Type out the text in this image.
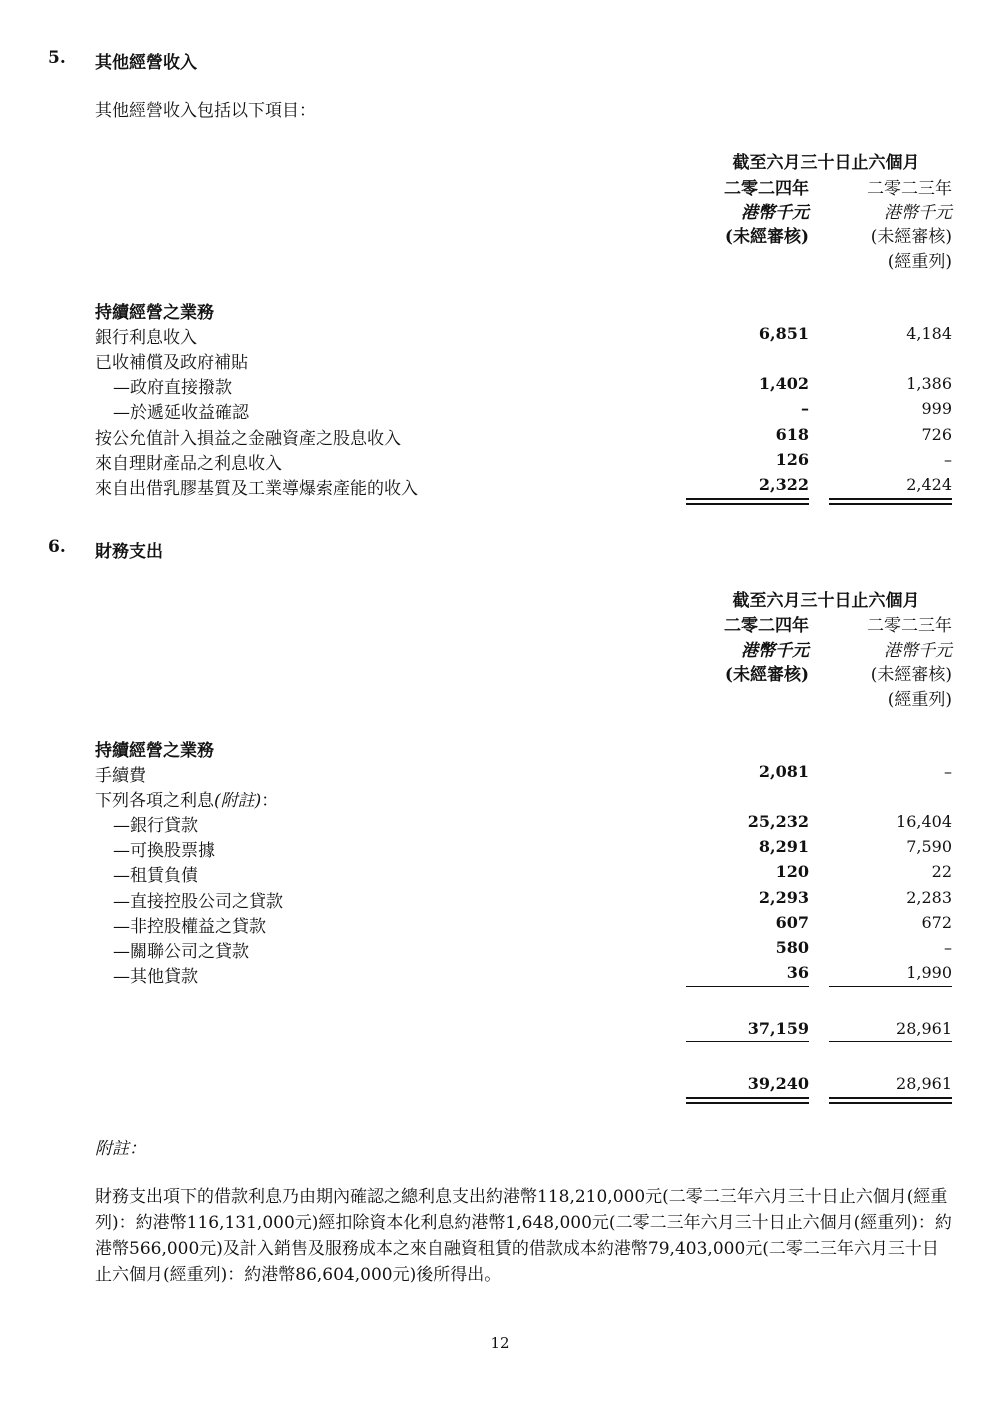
5. 其他經營收入
其他經營收入包括以下項目：
截至六月三十日止六個月
二零二四年	二零二三年
港幣千元	港幣千元
(未經審核)	(未經審核)
(經重列)
持續經營之業務
銀行利息收入	6,851	4,184
已收補償及政府補貼
—政府直接撥款	1,402	1,386
—於遞延收益確認	–	999
按公允值計入損益之金融資產之股息收入	618	726
來自理財產品之利息收入	126	–
來自出借乳膠基質及工業導爆索產能的收入	2,322	2,424
6. 財務支出
截至六月三十日止六個月
二零二四年	二零二三年
港幣千元	港幣千元
(未經審核)	(未經審核)
(經重列)
持續經營之業務
手續費	2,081	–
下列各項之利息(附註)：
—銀行貸款	25,232	16,404
—可換股票據	8,291	7,590
—租賃負債	120	22
—直接控股公司之貸款	2,293	2,283
—非控股權益之貸款	607	672
—關聯公司之貸款	580	–
—其他貸款	36	1,990
37,159	28,961
39,240	28,961
附註：
財務支出項下的借款利息乃由期內確認之總利息支出約港幣118,210,000元(二零二三年六月三十日止六個月(經重列)：約港幣116,131,000元)經扣除資本化利息約港幣1,648,000元(二零二三年六月三十日止六個月(經重列)：約港幣566,000元)及計入銷售及服務成本之來自融資租賃的借款成本約港幣79,403,000元(二零二三年六月三十日止六個月(經重列)：約港幣86,604,000元)後所得出。
12
